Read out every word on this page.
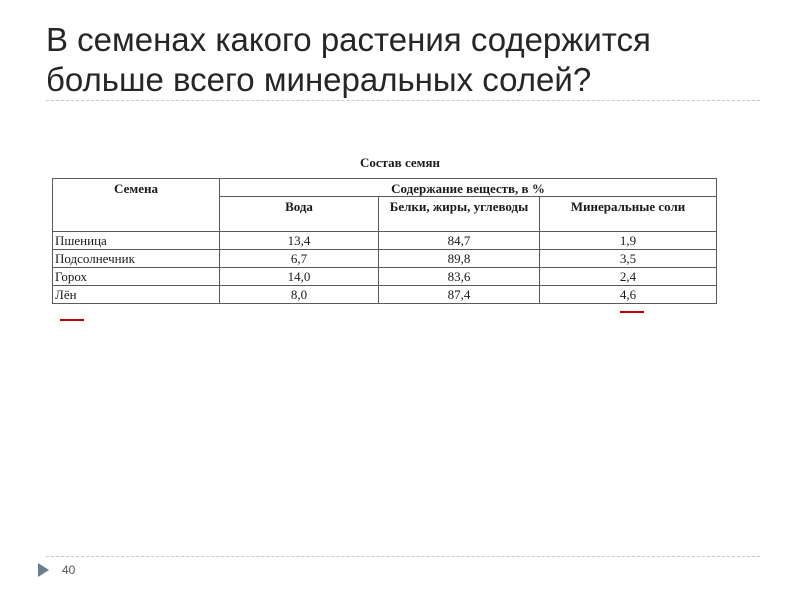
В семенах какого растения содержится
больше всего минеральных солей?
Состав семян
Семена	Содержание веществ, в %		
	Вода	Белки, жиры, углеводы	Минеральные соли
Пшеница	13,4	84,7	1,9
Подсолнечник	6,7	89,8	3,5
Горох	14,0	83,6	2,4
Лён	8,0	87,4	4,6
40
